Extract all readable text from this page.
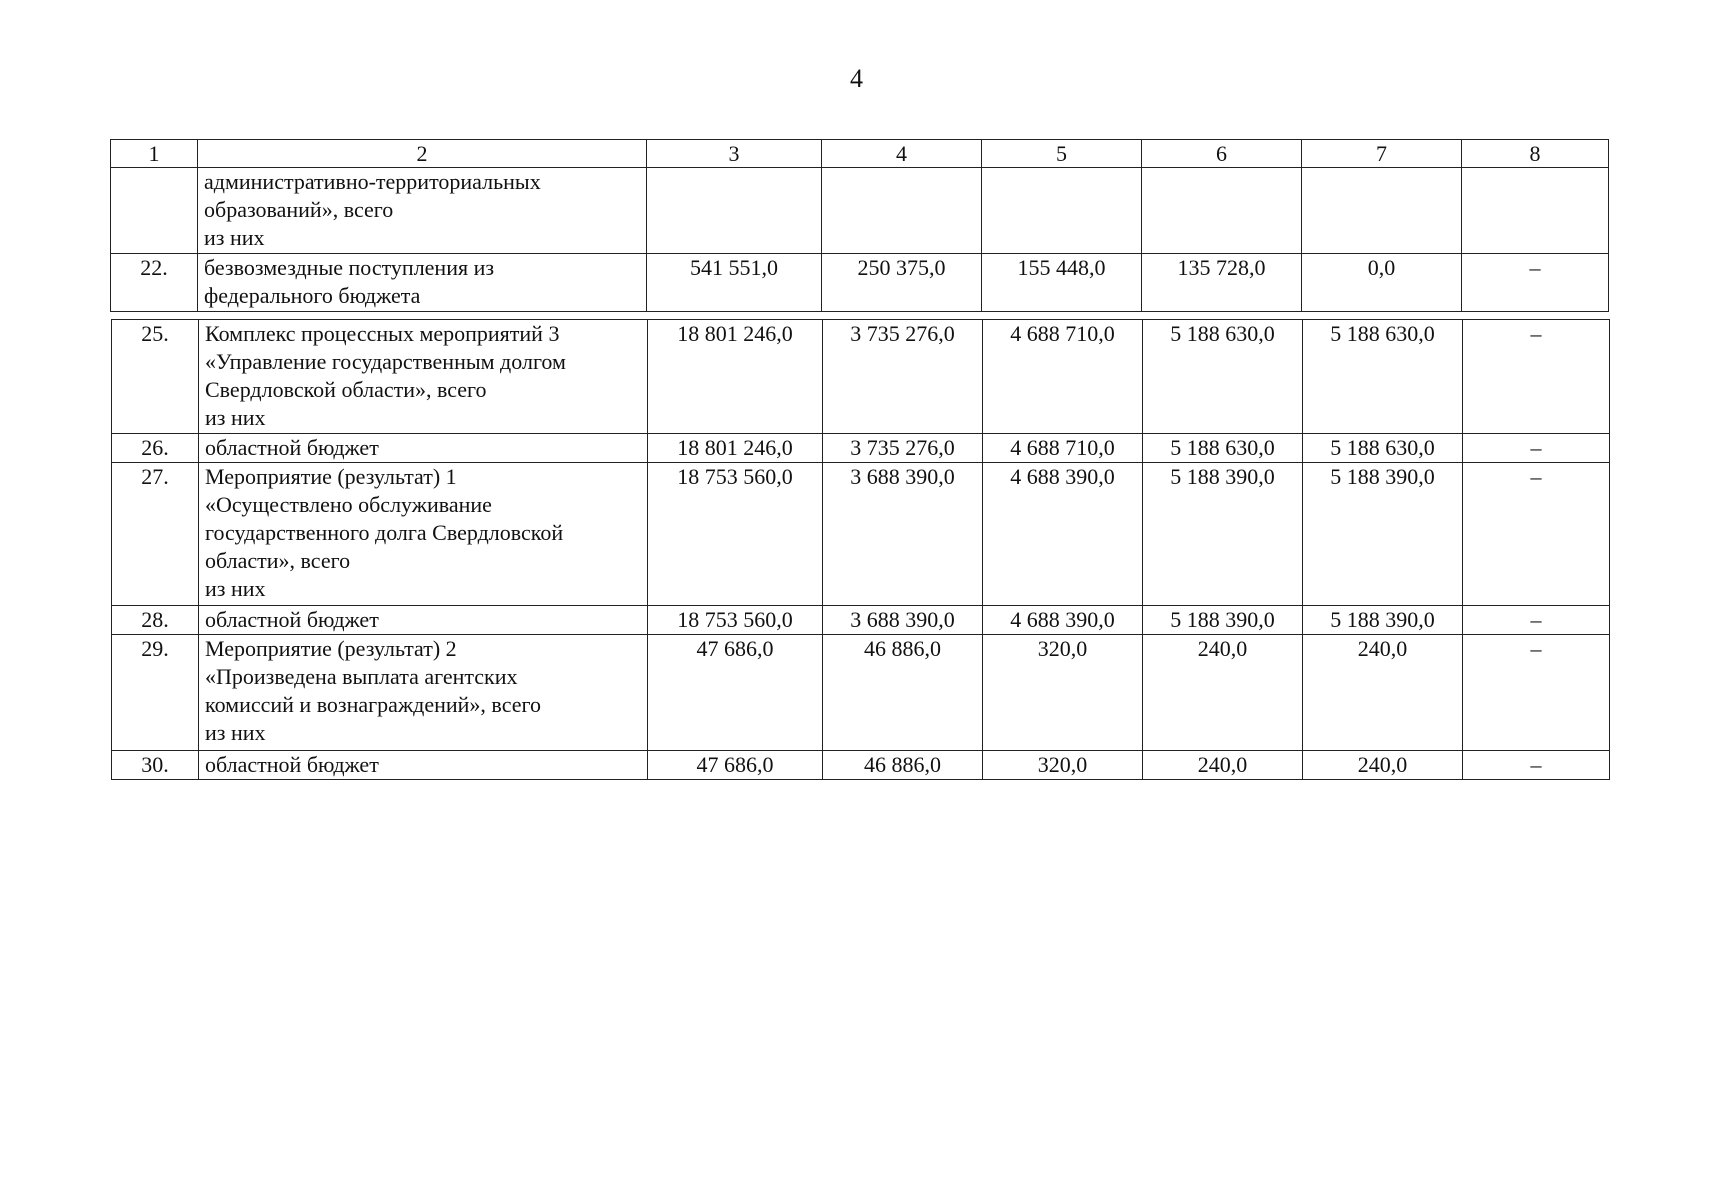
4
1	2	3	4	5	6	7	8
	административно-территориальных
образований», всего
из них						
22.	безвозмездные поступления из
федерального бюджета	541 551,0	250 375,0	155 448,0	135 728,0	0,0	–
25.	Комплекс процессных мероприятий 3
«Управление государственным долгом
Свердловской области», всего
из них	18 801 246,0	3 735 276,0	4 688 710,0	5 188 630,0	5 188 630,0	–
26.	областной бюджет	18 801 246,0	3 735 276,0	4 688 710,0	5 188 630,0	5 188 630,0	–
27.	Мероприятие (результат) 1
«Осуществлено обслуживание
государственного долга Свердловской
области», всего
из них	18 753 560,0	3 688 390,0	4 688 390,0	5 188 390,0	5 188 390,0	–
28.	областной бюджет	18 753 560,0	3 688 390,0	4 688 390,0	5 188 390,0	5 188 390,0	–
29.	Мероприятие (результат) 2
«Произведена выплата агентских
комиссий и вознаграждений», всего
из них	47 686,0	46 886,0	320,0	240,0	240,0	–
30.	областной бюджет	47 686,0	46 886,0	320,0	240,0	240,0	–
